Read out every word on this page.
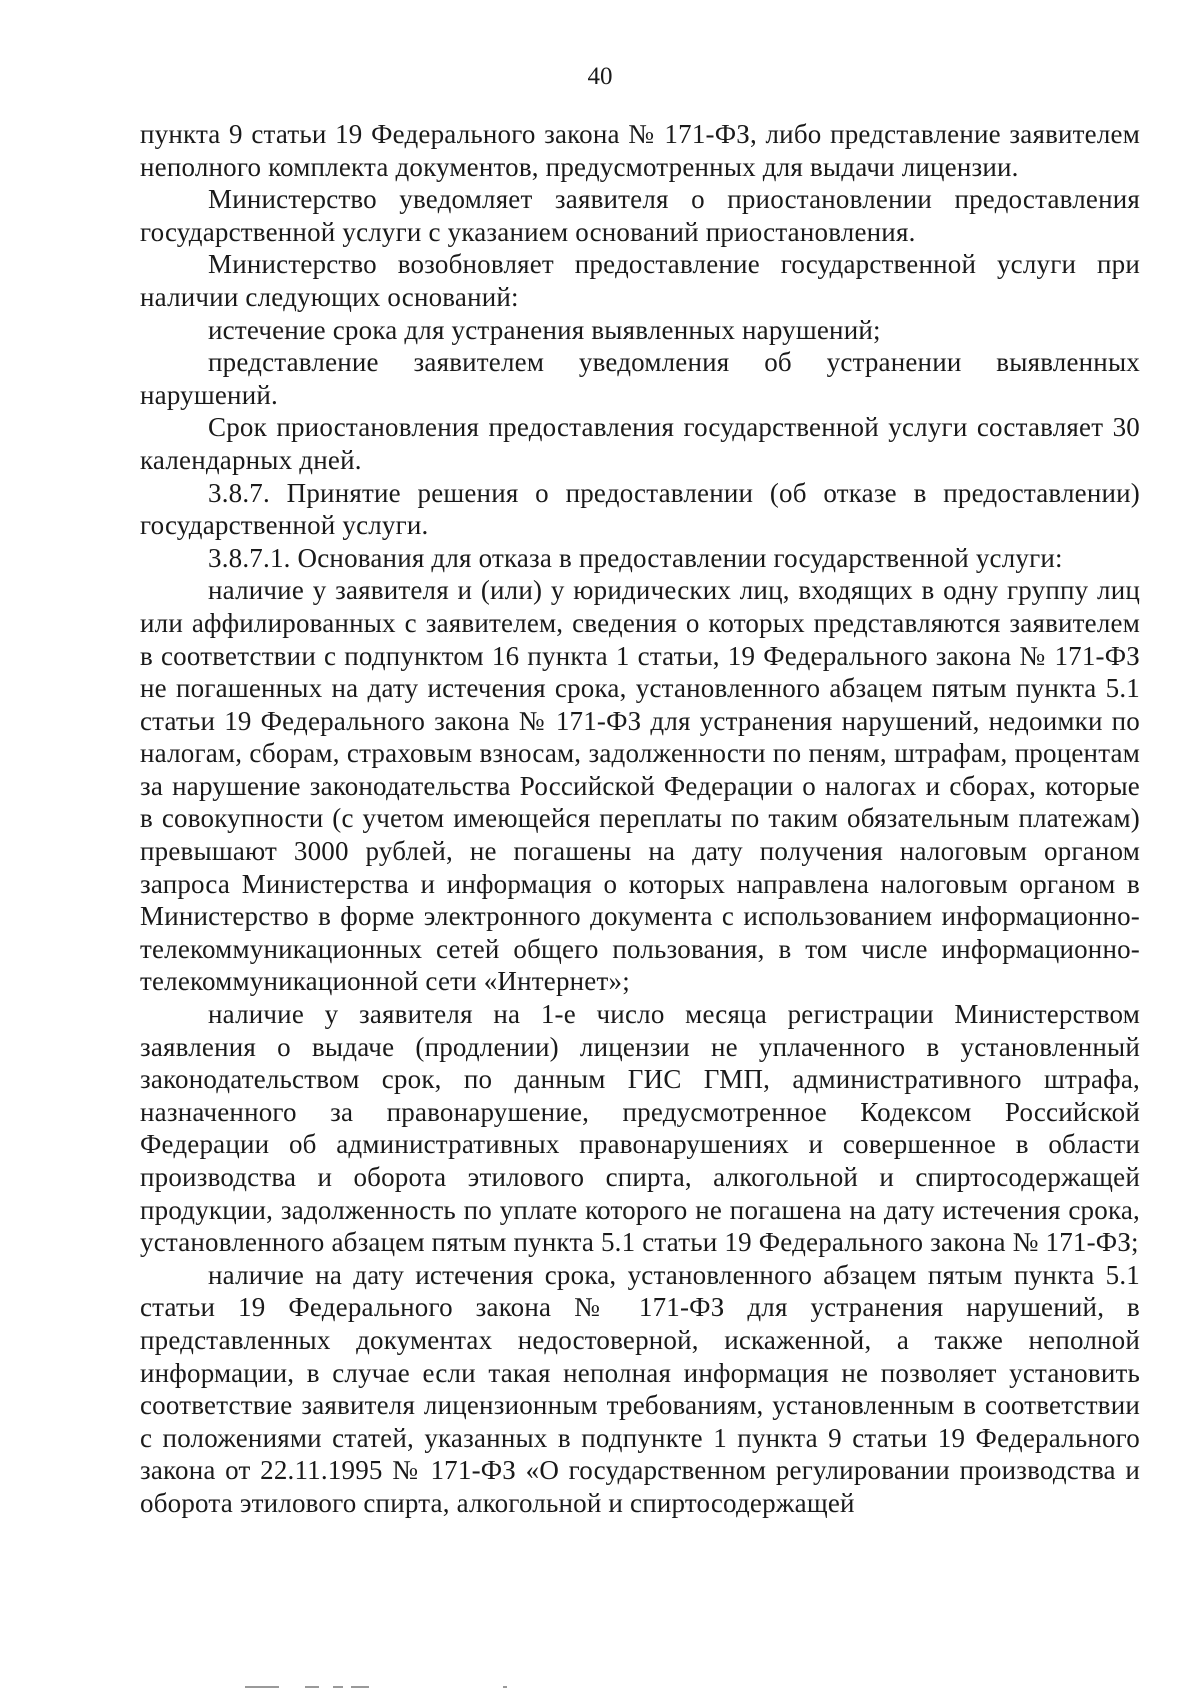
40

пункта 9 статьи 19 Федерального закона № 171-ФЗ, либо представление заявителем неполного комплекта документов, предусмотренных для выдачи лицензии.

Министерство уведомляет заявителя о приостановлении предоставления государственной услуги с указанием оснований приостановления.

Министерство возобновляет предоставление государственной услуги при наличии следующих оснований:

истечение срока для устранения выявленных нарушений;

представление заявителем уведомления об устранении выявленных нарушений.

Срок приостановления предоставления государственной услуги составляет 30 календарных дней.

3.8.7. Принятие решения о предоставлении (об отказе в предоставлении) государственной услуги.

3.8.7.1. Основания для отказа в предоставлении государственной услуги:

наличие у заявителя и (или) у юридических лиц, входящих в одну группу лиц или аффилированных с заявителем, сведения о которых представляются заявителем в соответствии с подпунктом 16 пункта 1 статьи, 19 Федерального закона № 171-ФЗ не погашенных на дату истечения срока, установленного абзацем пятым пункта 5.1 статьи 19 Федерального закона № 171-ФЗ для устранения нарушений, недоимки по налогам, сборам, страховым взносам, задолженности по пеням, штрафам, процентам за нарушение законодательства Российской Федерации о налогах и сборах, которые в совокупности (с учетом имеющейся переплаты по таким обязательным платежам) превышают 3000 рублей, не погашены на дату получения налоговым органом запроса Министерства и информация о которых направлена налоговым органом в Министерство в форме электронного документа с использованием информационно-телекоммуникационных сетей общего пользования, в том числе информационно-телекоммуникационной сети «Интернет»;

наличие у заявителя на 1-е число месяца регистрации Министерством заявления о выдаче (продлении) лицензии не уплаченного в установленный законодательством срок, по данным ГИС ГМП, административного штрафа, назначенного за правонарушение, предусмотренное Кодексом Российской Федерации об административных правонарушениях и совершенное в области производства и оборота этилового спирта, алкогольной и спиртосодержащей продукции, задолженность по уплате которого не погашена на дату истечения срока, установленного абзацем пятым пункта 5.1 статьи 19 Федерального закона № 171-ФЗ;

наличие на дату истечения срока, установленного абзацем пятым пункта 5.1 статьи 19 Федерального закона № 171-ФЗ для устранения нарушений, в представленных документах недостоверной, искаженной, а также неполной информации, в случае если такая неполная информация не позволяет установить соответствие заявителя лицензионным требованиям, установленным в соответствии с положениями статей, указанных в подпункте 1 пункта 9 статьи 19 Федерального закона от 22.11.1995 № 171-ФЗ «О государственном регулировании производства и оборота этилового спирта, алкогольной и спиртосодержащей
